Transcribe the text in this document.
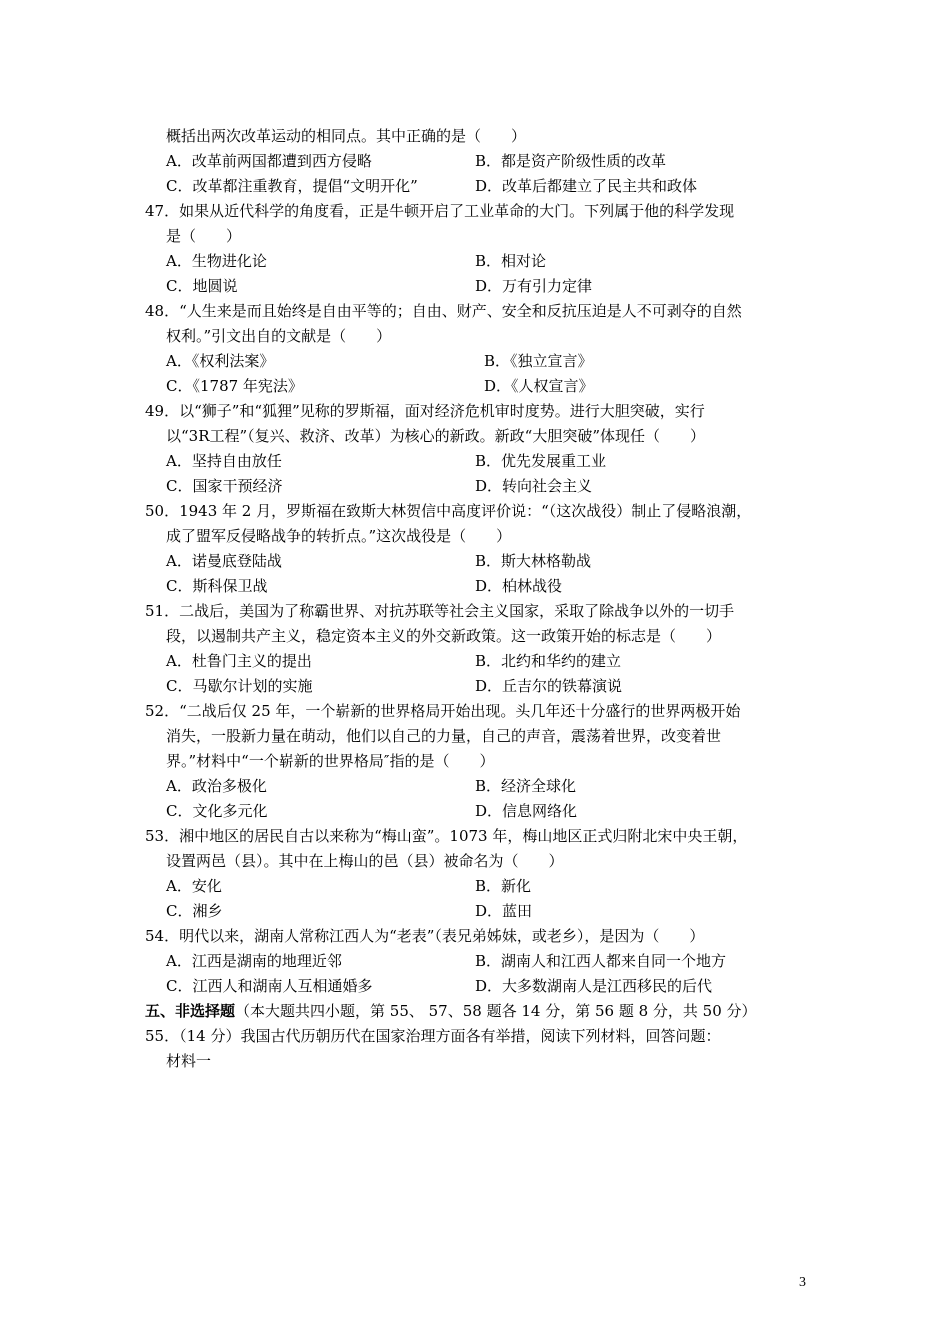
概括出两次改革运动的相同点。其中正确的是（　　）
A．改革前两国都遭到西方侵略	B．都是资产阶级性质的改革
C．改革都注重教育，提倡“文明开化”	D．改革后都建立了民主共和政体
47．如果从近代科学的角度看，正是牛顿开启了工业革命的大门。下列属于他的科学发现
是（　　）
A．生物进化论	B．相对论
C．地圆说	D．万有引力定律
48．“人生来是而且始终是自由平等的；自由、财产、安全和反抗压迫是人不可剥夺的自然
权利。”引文出自的文献是（　　）
A．《权利法案》	B．《独立宣言》
C．《1787 年宪法》	D．《人权宣言》
49．以“狮子”和“狐狸”见称的罗斯福，面对经济危机审时度势。进行大胆突破，实行
以“3R工程”（复兴、救济、改革）为核心的新政。新政“大胆突破”体现任（　　）
A．坚持自由放任	B．优先发展重工业
C．国家干预经济	D．转向社会主义
50．1943 年 2 月，罗斯福在致斯大林贺信中高度评价说：“（这次战役）制止了侵略浪潮，
成了盟军反侵略战争的转折点。”这次战役是（　　）
A．诺曼底登陆战	B．斯大林格勒战
C．斯科保卫战	D．柏林战役
51．二战后，美国为了称霸世界、对抗苏联等社会主义国家，采取了除战争以外的一切手
段，以遏制共产主义，稳定资本主义的外交新政策。这一政策开始的标志是（　　）
A．杜鲁门主义的提出	B．北约和华约的建立
C．马歇尔计划的实施	D．丘吉尔的铁幕演说
52．“二战后仅 25 年，一个崭新的世界格局开始出现。头几年还十分盛行的世界两极开始
消失，一股新力量在萌动，他们以自己的力量，自己的声音，震荡着世界，改变着世
界。”材料中“一个崭新的世界格局″指的是（　　）
A．政治多极化	B．经济全球化
C．文化多元化	D．信息网络化
53．湘中地区的居民自古以来称为“梅山蛮”。1073 年，梅山地区正式归附北宋中央王朝，
设置两邑（县）。其中在上梅山的邑（县）被命名为（　　）
A．安化	B．新化
C．湘乡	D．蓝田
54．明代以来，湖南人常称江西人为“老表”（表兄弟姊妹，或老乡），是因为（　　）
A．江西是湖南的地理近邻	B．湖南人和江西人都来自同一个地方
C．江西人和湖南人互相通婚多	D．大多数湖南人是江西移民的后代
五、非选择题（本大题共四小题，第 55、 57、58 题各 14 分，第 56 题 8 分，共 50 分）
55．（14 分）我国古代历朝历代在国家治理方面各有举措，阅读下列材料，回答问题：
材料一
3
